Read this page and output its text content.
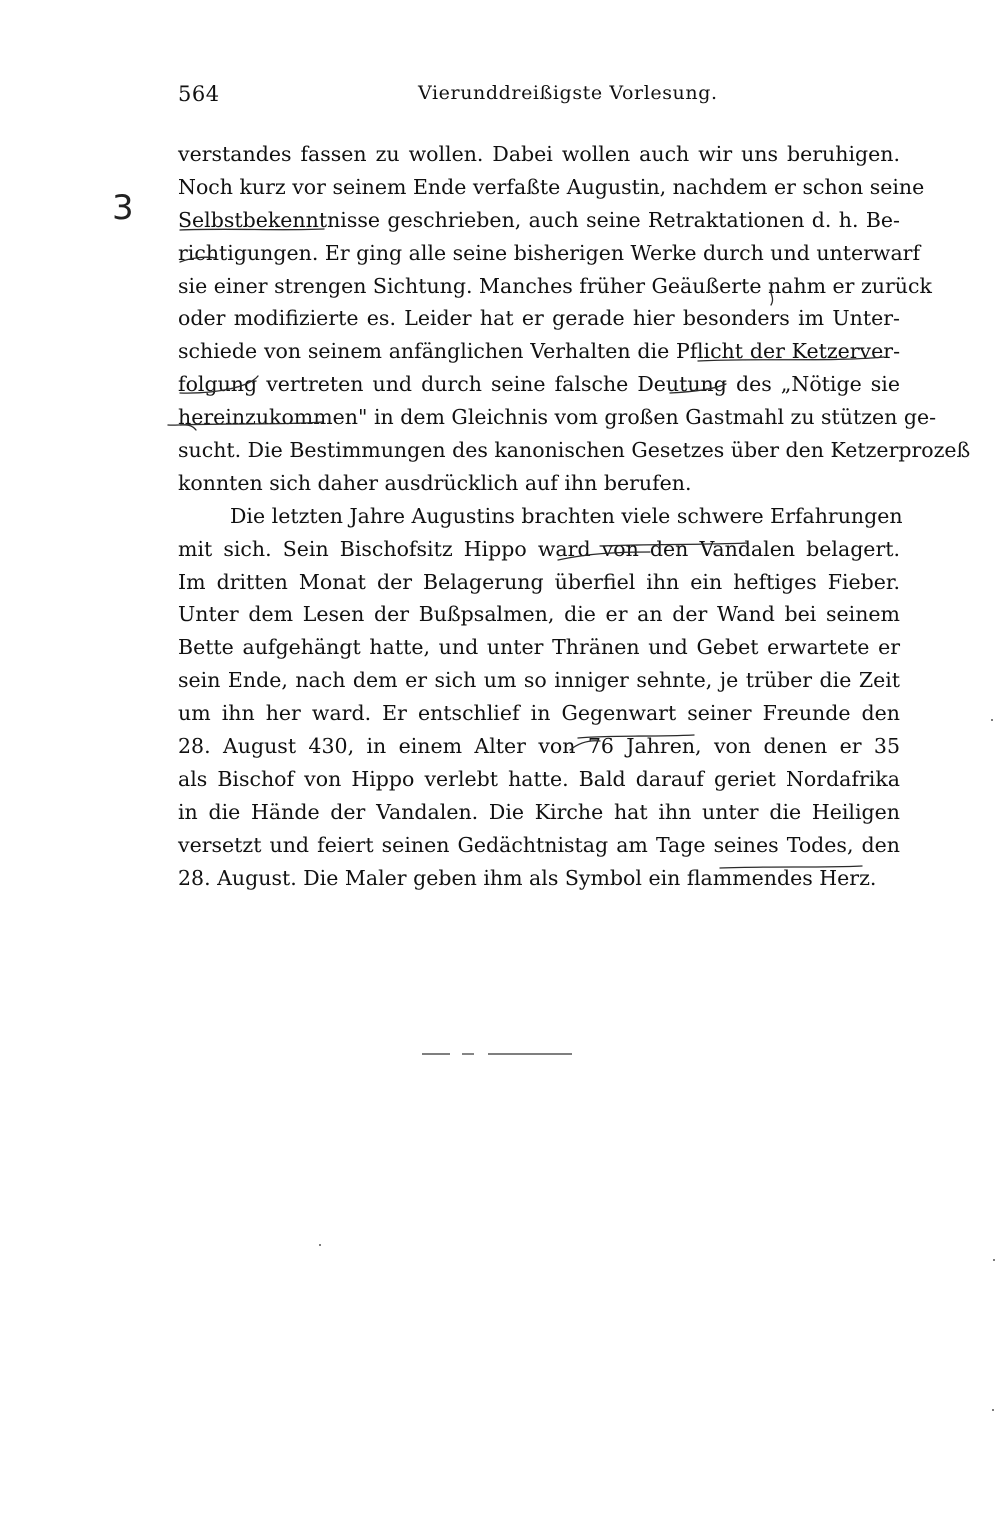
564	Vierunddreißigste Vorlesung.
3
verstandes fassen zu wollen. Dabei wollen auch wir uns beruhigen.
Noch kurz vor seinem Ende verfaßte Augustin, nachdem er schon seine
Selbstbekenntnisse geschrieben, auch seine Retraktationen d. h. Be-
richtigungen. Er ging alle seine bisherigen Werke durch und unterwarf
sie einer strengen Sichtung. Manches früher Geäußerte nahm er zurück
oder modifizierte es. Leider hat er gerade hier besonders im Unter-
schiede von seinem anfänglichen Verhalten die Pflicht der Ketzerver-
folgung vertreten und durch seine falsche Deutung des „Nötige sie
hereinzukommen" in dem Gleichnis vom großen Gastmahl zu stützen ge-
sucht. Die Bestimmungen des kanonischen Gesetzes über den Ketzerprozeß
konnten sich daher ausdrücklich auf ihn berufen.
Die letzten Jahre Augustins brachten viele schwere Erfahrungen
mit sich. Sein Bischofsitz Hippo ward von den Vandalen belagert.
Im dritten Monat der Belagerung überfiel ihn ein heftiges Fieber.
Unter dem Lesen der Bußpsalmen, die er an der Wand bei seinem
Bette aufgehängt hatte, und unter Thränen und Gebet erwartete er
sein Ende, nach dem er sich um so inniger sehnte, je trüber die Zeit
um ihn her ward. Er entschlief in Gegenwart seiner Freunde den
28. August 430, in einem Alter von 76 Jahren, von denen er 35
als Bischof von Hippo verlebt hatte. Bald darauf geriet Nordafrika
in die Hände der Vandalen. Die Kirche hat ihn unter die Heiligen
versetzt und feiert seinen Gedächtnistag am Tage seines Todes, den
28. August. Die Maler geben ihm als Symbol ein flammendes Herz.
